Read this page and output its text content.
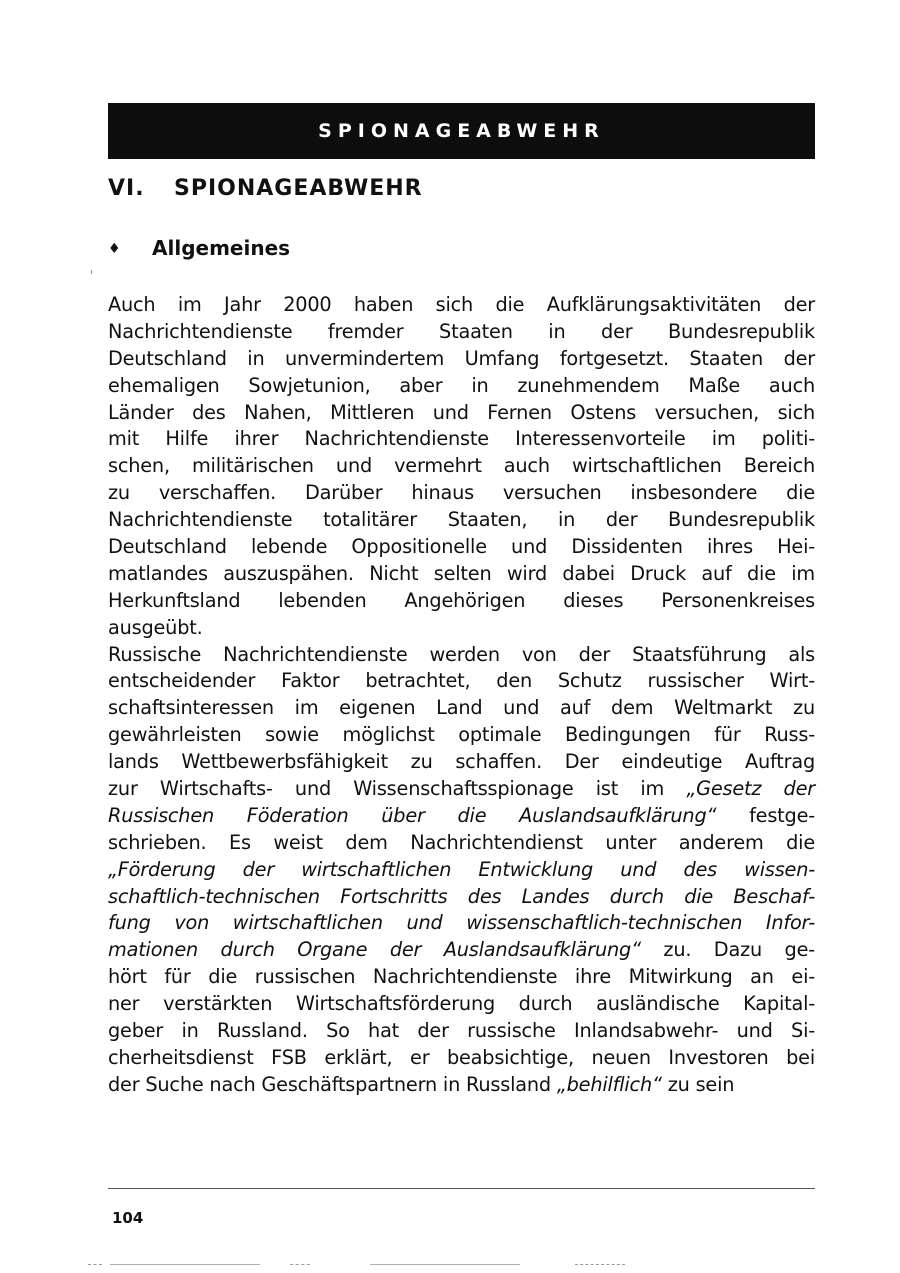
SPIONAGEABWEHR
VI. SPIONAGEABWEHR
♦ Allgemeines
Auch im Jahr 2000 haben sich die Aufklärungsaktivitäten der
Nachrichtendienste fremder Staaten in der Bundesrepublik
Deutschland in unvermindertem Umfang fortgesetzt. Staaten der
ehemaligen Sowjetunion, aber in zunehmendem Maße auch
Länder des Nahen, Mittleren und Fernen Ostens versuchen, sich
mit Hilfe ihrer Nachrichtendienste Interessenvorteile im politi-
schen, militärischen und vermehrt auch wirtschaftlichen Bereich
zu verschaffen. Darüber hinaus versuchen insbesondere die
Nachrichtendienste totalitärer Staaten, in der Bundesrepublik
Deutschland lebende Oppositionelle und Dissidenten ihres Hei-
matlandes auszuspähen. Nicht selten wird dabei Druck auf die im
Herkunftsland lebenden Angehörigen dieses Personenkreises
ausgeübt.
Russische Nachrichtendienste werden von der Staatsführung als
entscheidender Faktor betrachtet, den Schutz russischer Wirt-
schaftsinteressen im eigenen Land und auf dem Weltmarkt zu
gewährleisten sowie möglichst optimale Bedingungen für Russ-
lands Wettbewerbsfähigkeit zu schaffen. Der eindeutige Auftrag
zur Wirtschafts- und Wissenschaftsspionage ist im „Gesetz der
Russischen Föderation über die Auslandsaufklärung“ festge-
schrieben. Es weist dem Nachrichtendienst unter anderem die
„Förderung der wirtschaftlichen Entwicklung und des wissen-
schaftlich-technischen Fortschritts des Landes durch die Beschaf-
fung von wirtschaftlichen und wissenschaftlich-technischen Infor-
mationen durch Organe der Auslandsaufklärung“ zu. Dazu ge-
hört für die russischen Nachrichtendienste ihre Mitwirkung an ei-
ner verstärkten Wirtschaftsförderung durch ausländische Kapital-
geber in Russland. So hat der russische Inlandsabwehr- und Si-
cherheitsdienst FSB erklärt, er beabsichtige, neuen Investoren bei
der Suche nach Geschäftspartnern in Russland „behilflich“ zu sein
104
